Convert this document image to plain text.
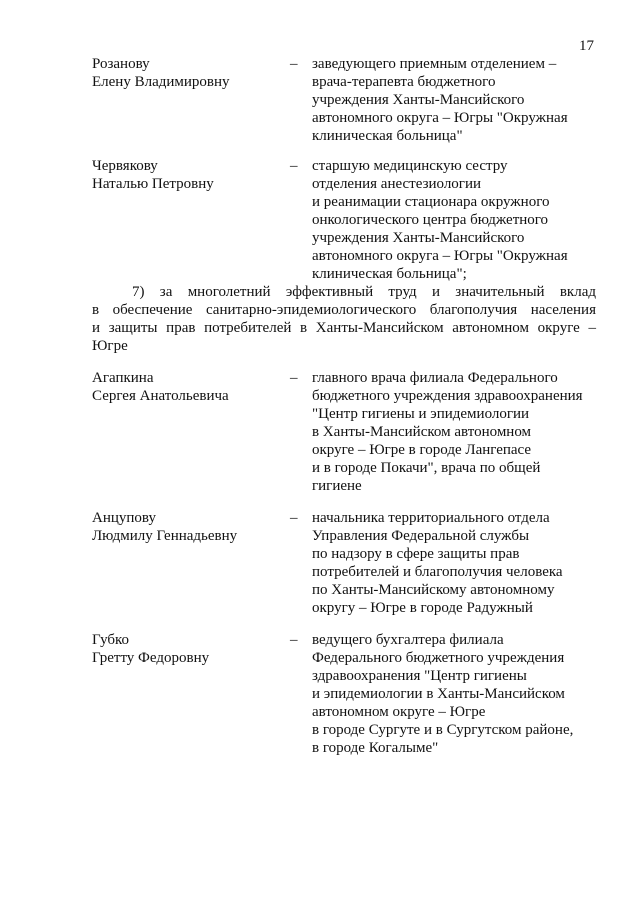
17
Розанову
Елену Владимировну
– заведующего приемным отделением –
врача-терапевта бюджетного
учреждения Ханты-Мансийского
автономного округа – Югры "Окружная
клиническая больница"
Червякову
Наталью Петровну
– старшую медицинскую сестру
отделения анестезиологии
и реанимации стационара окружного
онкологического центра бюджетного
учреждения Ханты-Мансийского
автономного округа – Югры "Окружная
клиническая больница";
7) за многолетний эффективный труд и значительный вклад
в обеспечение санитарно-эпидемиологического благополучия населения
и защиты прав потребителей в Ханты-Мансийском автономном округе –
Югре
Агапкина
Сергея Анатольевича
– главного врача филиала Федерального
бюджетного учреждения здравоохранения
"Центр гигиены и эпидемиологии
в Ханты-Мансийском автономном
округе – Югре в городе Лангепасе
и в городе Покачи", врача по общей
гигиене
Анцупову
Людмилу Геннадьевну
– начальника территориального отдела
Управления Федеральной службы
по надзору в сфере защиты прав
потребителей и благополучия человека
по Ханты-Мансийскому автономному
округу – Югре в городе Радужный
Губко
Гретту Федоровну
– ведущего бухгалтера филиала
Федерального бюджетного учреждения
здравоохранения "Центр гигиены
и эпидемиологии в Ханты-Мансийском
автономном округе – Югре
в городе Сургуте и в Сургутском районе,
в городе Когалыме"
